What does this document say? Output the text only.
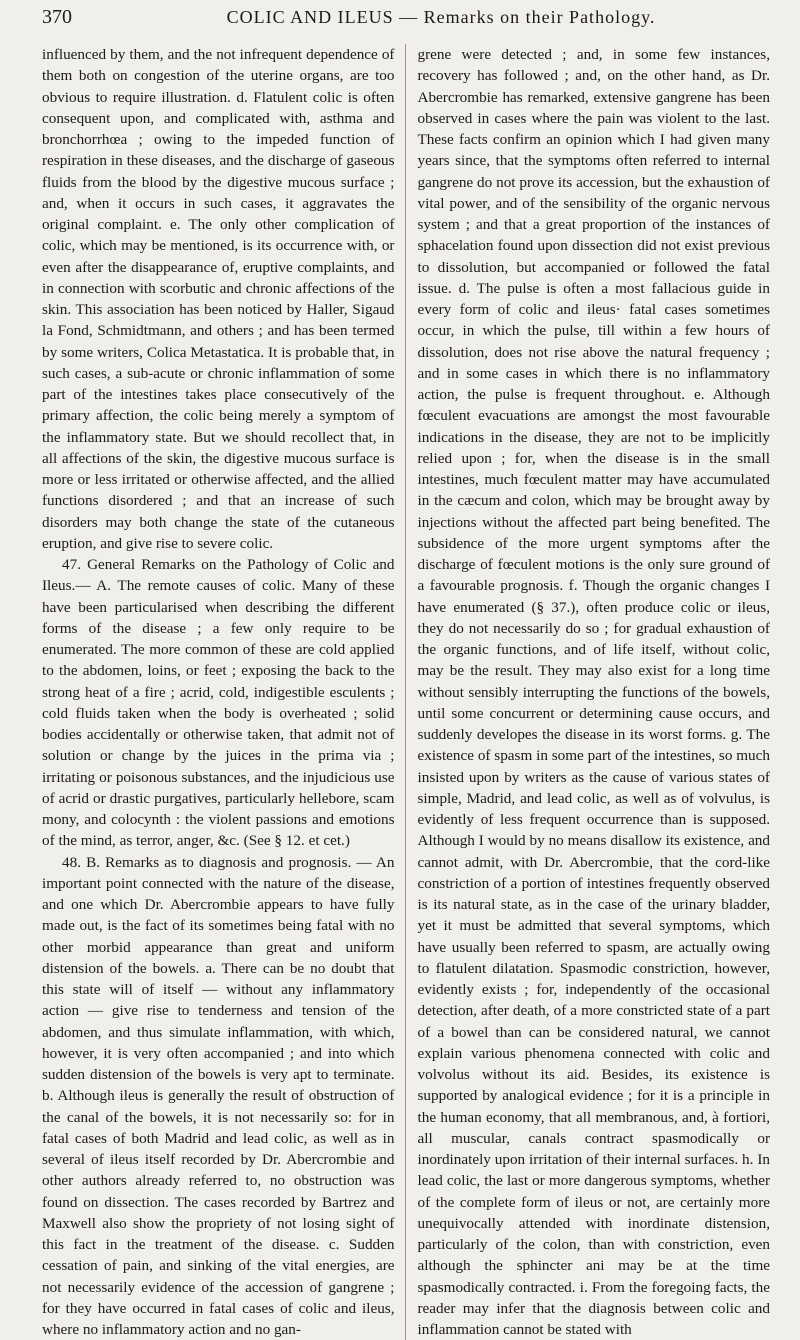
370	COLIC AND ILEUS — Remarks on their Pathology.

influenced by them, and the not infrequent dependence of them both on congestion of the uterine organs, are too obvious to require illustration. d. Flatulent colic is often consequent upon, and complicated with, asthma and bronchorrhœa ; owing to the impeded function of respiration in these diseases, and the discharge of gaseous fluids from the blood by the digestive mucous surface ; and, when it occurs in such cases, it aggravates the original complaint. e. The only other complication of colic, which may be mentioned, is its occurrence with, or even after the disappearance of, eruptive complaints, and in connection with scorbutic and chronic affections of the skin. This association has been noticed by Haller, Sigaud la Fond, Schmidtmann, and others ; and has been termed by some writers, Colica Metastatica. It is probable that, in such cases, a sub-acute or chronic inflammation of some part of the intestines takes place consecutively of the primary affection, the colic being merely a symptom of the inflammatory state. But we should recollect that, in all affections of the skin, the digestive mucous surface is more or less irritated or otherwise affected, and the allied functions disordered ; and that an increase of such disorders may both change the state of the cutaneous eruption, and give rise to severe colic.

47. General Remarks on the Pathology of Colic and Ileus.— A. The remote causes of colic. Many of these have been particularised when describing the different forms of the disease ; a few only require to be enumerated. The more common of these are cold applied to the abdomen, loins, or feet ; exposing the back to the strong heat of a fire ; acrid, cold, indigestible esculents ; cold fluids taken when the body is overheated ; solid bodies accidentally or otherwise taken, that admit not of solution or change by the juices in the prima via ; irritating or poisonous substances, and the injudicious use of acrid or drastic purgatives, particularly hellebore, scam mony, and colocynth : the violent passions and emotions of the mind, as terror, anger, &c. (See § 12. et cet.)

48. B. Remarks as to diagnosis and prognosis. — An important point connected with the nature of the disease, and one which Dr. Abercrombie appears to have fully made out, is the fact of its sometimes being fatal with no other morbid appearance than great and uniform distension of the bowels. a. There can be no doubt that this state will of itself — without any inflammatory action — give rise to tenderness and tension of the abdomen, and thus simulate inflammation, with which, however, it is very often accompanied ; and into which sudden distension of the bowels is very apt to terminate. b. Although ileus is generally the result of obstruction of the canal of the bowels, it is not necessarily so: for in fatal cases of both Madrid and lead colic, as well as in several of ileus itself recorded by Dr. Abercrombie and other authors already referred to, no obstruction was found on dissection. The cases recorded by Bartrez and Maxwell also show the propriety of not losing sight of this fact in the treatment of the disease. c. Sudden cessation of pain, and sinking of the vital energies, are not necessarily evidence of the accession of gangrene ; for they have occurred in fatal cases of colic and ileus, where no inflammatory action and no gan-

grene were detected ; and, in some few instances, recovery has followed ; and, on the other hand, as Dr. Abercrombie has remarked, extensive gangrene has been observed in cases where the pain was violent to the last. These facts confirm an opinion which I had given many years since, that the symptoms often referred to internal gangrene do not prove its accession, but the exhaustion of vital power, and of the sensibility of the organic nervous system ; and that a great proportion of the instances of sphacelation found upon dissection did not exist previous to dissolution, but accompanied or followed the fatal issue. d. The pulse is often a most fallacious guide in every form of colic and ileus· fatal cases sometimes occur, in which the pulse, till within a few hours of dissolution, does not rise above the natural frequency ; and in some cases in which there is no inflammatory action, the pulse is frequent throughout. e. Although fœculent evacuations are amongst the most favourable indications in the disease, they are not to be implicitly relied upon ; for, when the disease is in the small intestines, much fœculent matter may have accumulated in the cæcum and colon, which may be brought away by injections without the affected part being benefited. The subsidence of the more urgent symptoms after the discharge of fœculent motions is the only sure ground of a favourable prognosis. f. Though the organic changes I have enumerated (§ 37.), often produce colic or ileus, they do not necessarily do so ; for gradual exhaustion of the organic functions, and of life itself, without colic, may be the result. They may also exist for a long time without sensibly interrupting the functions of the bowels, until some concurrent or determining cause occurs, and suddenly developes the disease in its worst forms. g. The existence of spasm in some part of the intestines, so much insisted upon by writers as the cause of various states of simple, Madrid, and lead colic, as well as of volvulus, is evidently of less frequent occurrence than is supposed. Although I would by no means disallow its existence, and cannot admit, with Dr. Abercrombie, that the cord-like constriction of a portion of intestines frequently observed is its natural state, as in the case of the urinary bladder, yet it must be admitted that several symptoms, which have usually been referred to spasm, are actually owing to flatulent dilatation. Spasmodic constriction, however, evidently exists ; for, independently of the occasional detection, after death, of a more constricted state of a part of a bowel than can be considered natural, we cannot explain various phenomena connected with colic and volvolus without its aid. Besides, its existence is supported by analogical evidence ; for it is a principle in the human economy, that all membranous, and, à fortiori, all muscular, canals contract spasmodically or inordinately upon irritation of their internal surfaces. h. In lead colic, the last or more dangerous symptoms, whether of the complete form of ileus or not, are certainly more unequivocally attended with inordinate distension, particularly of the colon, than with constriction, even although the sphincter ani may be at the time spasmodically contracted. i. From the foregoing facts, the reader may infer that the diagnosis between colic and inflammation cannot be stated with
